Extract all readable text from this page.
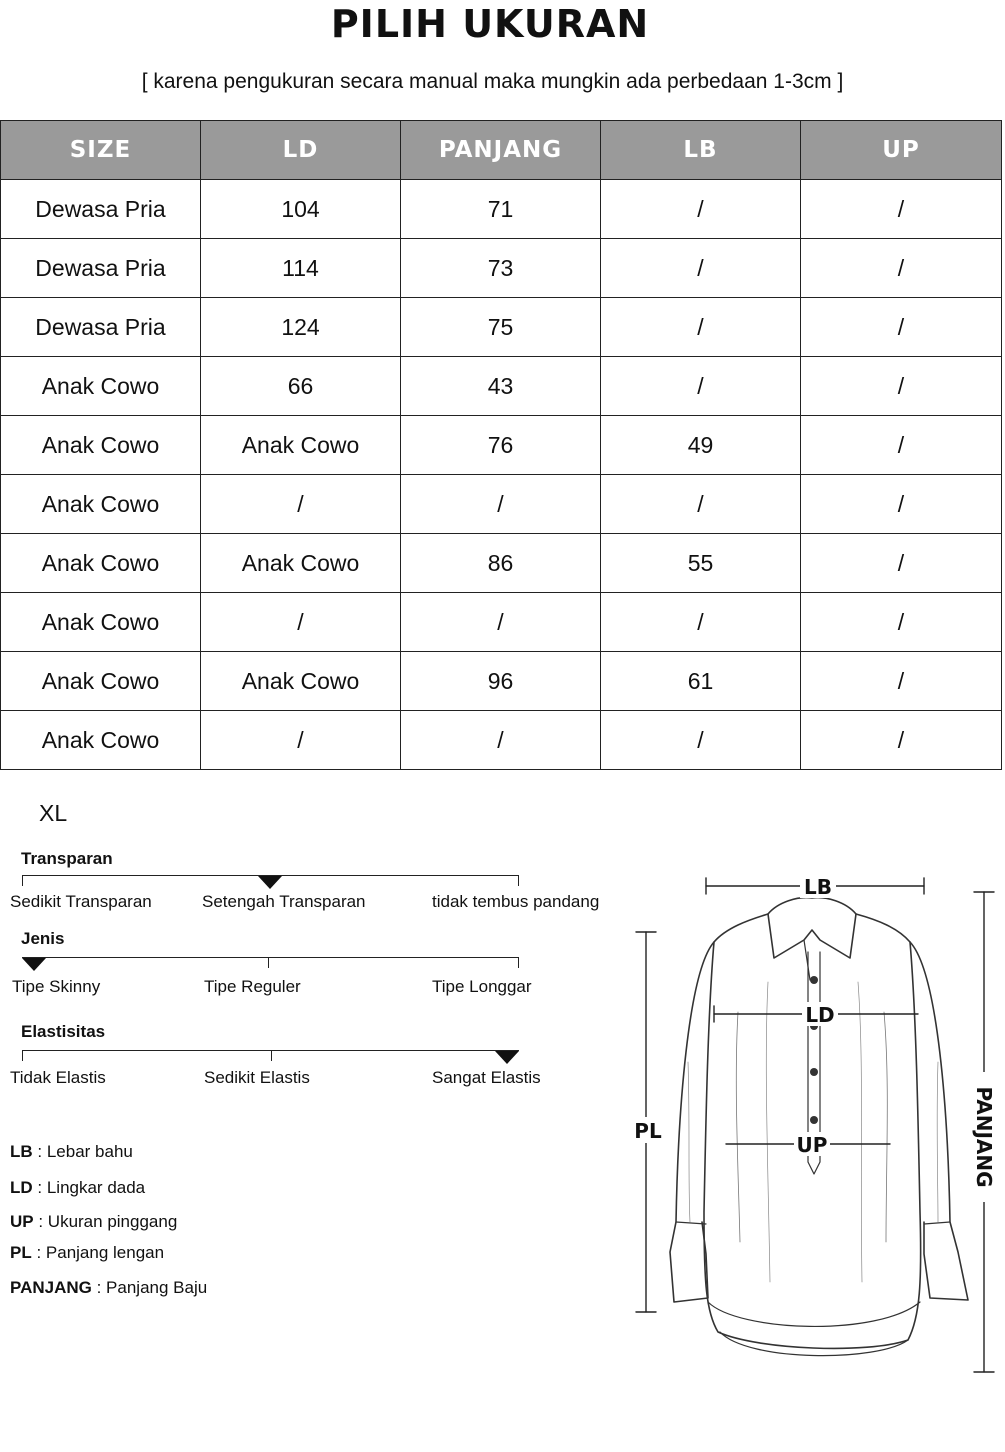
PILIH UKURAN
[ karena pengukuran secara manual maka mungkin ada perbedaan 1-3cm ]
SIZE	LD	PANJANG	LB	UP
Dewasa Pria	104	71	/	/
Dewasa Pria	114	73	/	/
Dewasa Pria	124	75	/	/
Anak Cowo	66	43	/	/
Anak Cowo	Anak Cowo	76	49	/
Anak Cowo	/	/	/	/
Anak Cowo	Anak Cowo	86	55	/
Anak Cowo	/	/	/	/
Anak Cowo	Anak Cowo	96	61	/
Anak Cowo	/	/	/	/
XL
Transparan
Sedikit Transparan	Setengah Transparan	tidak tembus pandang
Jenis
Tipe Skinny	Tipe Reguler	Tipe Longgar
Elastisitas
Tidak Elastis	Sedikit Elastis	Sangat Elastis
LB : Lebar bahu
LD : Lingkar dada
UP : Ukuran pinggang
PL : Panjang lengan
PANJANG : Panjang Baju
LB
LD
UP
PL	PANJANG
